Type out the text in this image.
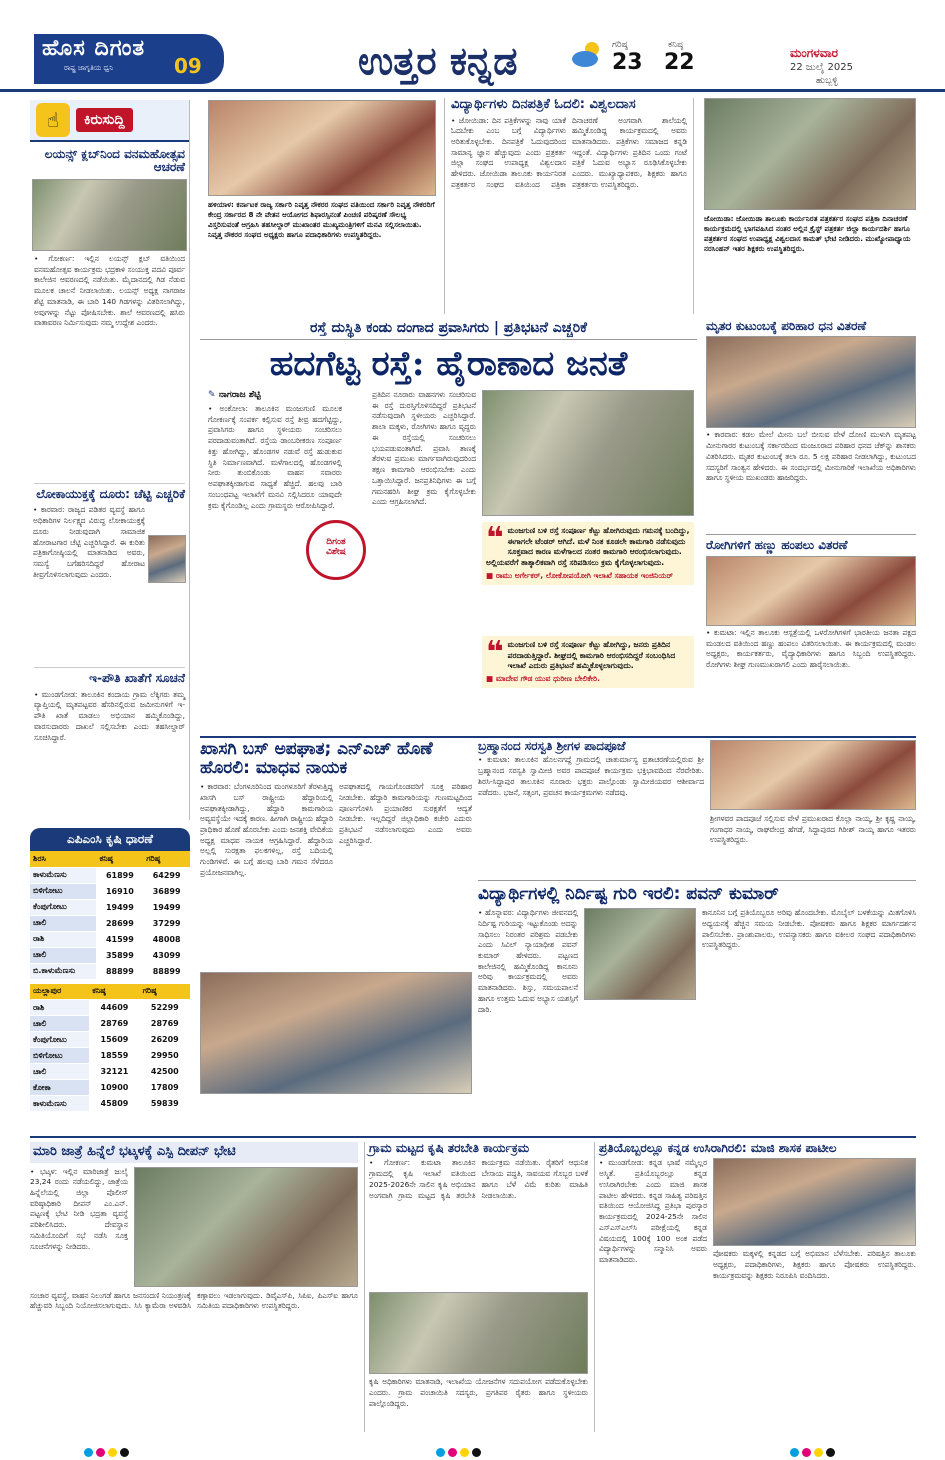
ಹೊಸ ದಿಗಂತ
09
ರಾಷ್ಟ್ರ ಜಾಗೃತಿಯ ಧ್ವನಿ	ಉತ್ತರ ಕನ್ನಡ	ಗರಿಷ್ಠ
23
ಕನಿಷ್ಠ
22	ಮಂಗಳವಾರ
22 ಜುಲೈ 2025
ಹುಬ್ಬಳ್ಳಿ
☝	ಕಿರುಸುದ್ದಿ
ಲಯನ್ಸ್ ಕ್ಲಬ್‌ನಿಂದ ವನಮಹೋತ್ಸವ ಆಚರಣೆ
• ಗೋಕರ್ಣ: ಇಲ್ಲಿನ ಲಯನ್ಸ್ ಕ್ಲಬ್ ವತಿಯಿಂದ ವನಮಹೋತ್ಸವ ಕಾರ್ಯಕ್ರಮ ಭದ್ರಕಾಳಿ ಸಂಯುಕ್ತ ಪದವಿ ಪೂರ್ವ ಕಾಲೇಜಿನ ಆವರಣದಲ್ಲಿ ನಡೆಯಿತು. ಮೈದಾನದಲ್ಲಿ ಗಿಡ ನೆಡುವ ಮೂಲಕ ಚಾಲನೆ ನೀಡಲಾಯಿತು. ಲಯನ್ಸ್ ಅಧ್ಯಕ್ಷ ನಾಗರಾಜ ಶೆಟ್ಟಿ ಮಾತನಾಡಿ, ಈ ಬಾರಿ 140 ಗಿಡಗಳನ್ನು ವಿತರಿಸಲಾಗಿದ್ದು, ಅವುಗಳನ್ನು ನೆಟ್ಟು ಪೋಷಿಸಬೇಕು. ಶಾಲೆ ಆವರಣದಲ್ಲಿ ಹಸಿರು ವಾತಾವರಣ ನಿರ್ಮಿಸುವುದು ನಮ್ಮ ಉದ್ದೇಶ ಎಂದರು.
ಲೋಕಾಯುಕ್ತಕ್ಕೆ ದೂರು: ಚೆಟ್ಟಿ ಎಚ್ಚರಿಕೆ
• ಕಾರವಾರ: ರಾಜ್ಯದ ಪಡಿತರ ವ್ಯವಸ್ಥೆ ಹಾಗೂ ಅಧಿಕಾರಿಗಳ ನಿರ್ಲಕ್ಷ್ಯದ ವಿರುದ್ಧ ಲೋಕಾಯುಕ್ತಕ್ಕೆ ದೂರು ನೀಡುವುದಾಗಿ ಸಾಮಾಜಿಕ ಹೋರಾಟಗಾರ ಚೆಟ್ಟಿ ಎಚ್ಚರಿಸಿದ್ದಾರೆ. ಈ ಕುರಿತು ಪತ್ರಿಕಾಗೋಷ್ಠಿಯಲ್ಲಿ ಮಾತನಾಡಿದ ಅವರು, ಸಮಸ್ಯೆ ಬಗೆಹರಿಸದಿದ್ದರೆ ಹೋರಾಟ ತೀವ್ರಗೊಳಿಸಲಾಗುವುದು ಎಂದರು.
ಇ-ಪೌತಿ ಖಾತೆಗೆ ಸೂಚನೆ
• ಮುಂಡಗೋಡ: ತಾಲೂಕಿನ ಕಂದಾಯ ಗ್ರಾಮ ಲೆಕ್ಕಿಗರು ತಮ್ಮ ವ್ಯಾಪ್ತಿಯಲ್ಲಿ ಮೃತಪಟ್ಟವರ ಹೆಸರಿನಲ್ಲಿರುವ ಜಮೀನುಗಳಿಗೆ ಇ-ಪೌತಿ ಖಾತೆ ಮಾಡಲು ಅಭಿಯಾನ ಹಮ್ಮಿಕೊಂಡಿದ್ದು, ವಾರಸುದಾರರು ದಾಖಲೆ ಸಲ್ಲಿಸಬೇಕು ಎಂದು ತಹಸೀಲ್ದಾರ್ ಸೂಚಿಸಿದ್ದಾರೆ.
ಎಪಿಎಂಸಿ ಕೃಷಿ ಧಾರಣೆ
ಶಿರಸಿ	ಕನಿಷ್ಠ	ಗರಿಷ್ಠ
ಕಾಳುಮೆಣಸು	61899	64299
ಬಿಳಿಗೋಟು	16910	36899
ಕೆಂಪುಗೋಟು	19499	19499
ಚಾಲಿ	28699	37299
ರಾಶಿ	41599	48008
ಚಾಲಿ	35899	43099
ಬಿ.ಕಾಳುಮೆಣಸು	88899	88899
ಯಲ್ಲಾಪುರ	ಕನಿಷ್ಠ	ಗರಿಷ್ಠ
ರಾಶಿ	44609	52299
ಚಾಲಿ	28769	28769
ಕೆಂಪುಗೋಟು	15609	26209
ಬಿಳಿಗೋಟು	18559	29950
ಚಾಲಿ	32121	42500
ಕೋಕಾ	10900	17809
ಕಾಳುಮೆಣಸು	45809	59839
ಹಳಿಯಾಳ: ಕರ್ನಾಟಕ ರಾಜ್ಯ ಸರ್ಕಾರಿ ನಿವೃತ್ತ ನೌಕರರ ಸಂಘದ ವತಿಯಿಂದ ಸರ್ಕಾರಿ ನಿವೃತ್ತ ನೌಕರರಿಗೆ ಕೇಂದ್ರ ಸರ್ಕಾರದ 8 ನೇ ವೇತನ ಆಯೋಗದ ಶಿಫಾರಸ್ಸಿನಂತೆ ಪಿಂಚಣಿ ಪರಿಷ್ಕರಣೆ ಸೌಲಭ್ಯ ವಿಸ್ತರಿಸುವಂತೆ ಆಗ್ರಹಿಸಿ ತಹಸೀಲ್ದಾರ್ ಮುಖಾಂತರ ಮುಖ್ಯಮಂತ್ರಿಗಳಿಗೆ ಮನವಿ ಸಲ್ಲಿಸಲಾಯಿತು. ನಿವೃತ್ತ ನೌಕರರ ಸಂಘದ ಅಧ್ಯಕ್ಷರು ಹಾಗೂ ಪದಾಧಿಕಾರಿಗಳು ಉಪಸ್ಥಿತರಿದ್ದರು.
ವಿದ್ಯಾರ್ಥಿಗಳು ದಿನಪತ್ರಿಕೆ ಓದಲಿ: ವಿಶ್ವಲದಾಸ
• ಜೋಯಿಡಾ: ದಿನ ಪತ್ರಿಕೆಗಳನ್ನು ನಾವು ಯಾಕೆ ಓದಬೇಕು ಎಂಬ ಬಗ್ಗೆ ವಿದ್ಯಾರ್ಥಿಗಳು ಅರಿತುಕೊಳ್ಳಬೇಕು. ದಿನಪತ್ರಿಕೆ ಓದುವುದರಿಂದ ಸಾಮಾನ್ಯ ಜ್ಞಾನ ಹೆಚ್ಚುವುದು ಎಂದು ಪ್ರತ್ರಕರ್ತ ಜಿಲ್ಲಾ ಸಂಘದ ಉಪಾಧ್ಯಕ್ಷ ವಿಶ್ವಲದಾಸ ಹೇಳಿದರು. ಜೋಯಿಡಾ ತಾಲೂಕು ಕಾರ್ಯನಿರತ ಪತ್ರಕರ್ತರ ಸಂಘದ ವತಿಯಿಂದ ಪತ್ರಿಕಾ ದಿನಾಚರಣೆ ಅಂಗವಾಗಿ ಶಾಲೆಯಲ್ಲಿ ಹಮ್ಮಿಕೊಂಡಿದ್ದ ಕಾರ್ಯಕ್ರಮದಲ್ಲಿ ಅವರು ಮಾತನಾಡಿದರು. ಪತ್ರಿಕೆಗಳು ಸಮಾಜದ ಕನ್ನಡಿ ಇದ್ದಂತೆ. ವಿದ್ಯಾರ್ಥಿಗಳು ಪ್ರತಿದಿನ ಒಂದು ಗಂಟೆ ಪತ್ರಿಕೆ ಓದುವ ಅಭ್ಯಾಸ ರೂಢಿಸಿಕೊಳ್ಳಬೇಕು ಎಂದರು. ಮುಖ್ಯಾಧ್ಯಾಪಕರು, ಶಿಕ್ಷಕರು ಹಾಗೂ ಪತ್ರಕರ್ತರು ಉಪಸ್ಥಿತರಿದ್ದರು.
ಜೋಯಿಡಾ: ಜೋಯಿಡಾ ತಾಲೂಕು ಕಾರ್ಯನಿರತ ಪತ್ರಕರ್ತರ ಸಂಘದ ಪತ್ರಿಕಾ ದಿನಾಚರಣೆ ಕಾರ್ಯಕ್ರಮದಲ್ಲಿ ಭಾಗವಹಿಸಿದ ನಂತರ ಅಲ್ಲಿನ ಕ್ರೈಸ್ಟ್ ಪತ್ರಕರ್ತ ಜಿಲ್ಲಾ ಕಾರ್ಯದರ್ಶಿ ಹಾಗೂ ಪತ್ರಕರ್ತರ ಸಂಘದ ಉಪಾಧ್ಯಕ್ಷ ವಿಶ್ವಲದಾಸ ಕಾಮತ್ ಭೇಟಿ ನೀಡಿದರು. ಮುಖ್ಯೋಪಾಧ್ಯಾಯ ನರಸಿಂಹನ್ ಇತರ ಶಿಕ್ಷಕರು ಉಪಸ್ಥಿತರಿದ್ದರು.
ರಸ್ತೆ ದುಸ್ಥಿತಿ ಕಂಡು ದಂಗಾದ ಪ್ರವಾಸಿಗರು | ಪ್ರತಿಭಟನೆ ಎಚ್ಚರಿಕೆ
ಹದಗೆಟ್ಟ ರಸ್ತೆ: ಹೈರಾಣಾದ ಜನತೆ
✎ ನಾಗರಾಜ ಶೆಟ್ಟಿ
• ಅಂಕೋಲಾ: ತಾಲೂಕಿನ ಮಂಜುಗುಣಿ ಮೂಲಕ ಗೋಕರ್ಣಕ್ಕೆ ಸಂಪರ್ಕ ಕಲ್ಪಿಸುವ ರಸ್ತೆ ತೀವ್ರ ಹದಗೆಟ್ಟಿದ್ದು, ಪ್ರವಾಸಿಗರು ಹಾಗೂ ಸ್ಥಳೀಯರು ಸಂಚರಿಸಲು ಪರದಾಡುವಂತಾಗಿದೆ. ರಸ್ತೆಯ ಡಾಂಬರೀಕರಣ ಸಂಪೂರ್ಣ ಕಿತ್ತು ಹೋಗಿದ್ದು, ಹೊಂಡಗಳ ನಡುವೆ ರಸ್ತೆ ಹುಡುಕುವ ಸ್ಥಿತಿ ನಿರ್ಮಾಣವಾಗಿದೆ. ಮಳೆಗಾಲದಲ್ಲಿ ಹೊಂಡಗಳಲ್ಲಿ ನೀರು ತುಂಬಿಕೊಂಡು ವಾಹನ ಸವಾರರು ಅಪಘಾತಕ್ಕೀಡಾಗುವ ಸಾಧ್ಯತೆ ಹೆಚ್ಚಿದೆ. ಹಲವು ಬಾರಿ ಸಂಬಂಧಪಟ್ಟ ಇಲಾಖೆಗೆ ಮನವಿ ಸಲ್ಲಿಸಿದರೂ ಯಾವುದೇ ಕ್ರಮ ಕೈಗೊಂಡಿಲ್ಲ ಎಂದು ಗ್ರಾಮಸ್ಥರು ಆರೋಪಿಸಿದ್ದಾರೆ.
ದಿಗಂತ
ವಿಶೇಷ
ಪ್ರತಿದಿನ ನೂರಾರು ವಾಹನಗಳು ಸಂಚರಿಸುವ ಈ ರಸ್ತೆ ದುರಸ್ತಿಗೊಳಿಸದಿದ್ದರೆ ಪ್ರತಿಭಟನೆ ನಡೆಸುವುದಾಗಿ ಸ್ಥಳೀಯರು ಎಚ್ಚರಿಸಿದ್ದಾರೆ. ಶಾಲಾ ಮಕ್ಕಳು, ರೋಗಿಗಳು ಹಾಗೂ ವೃದ್ಧರು ಈ ರಸ್ತೆಯಲ್ಲಿ ಸಂಚರಿಸಲು ಭಯಪಡುವಂತಾಗಿದೆ. ಪ್ರವಾಸಿ ತಾಣಕ್ಕೆ ತೆರಳುವ ಪ್ರಮುಖ ಮಾರ್ಗವಾಗಿರುವುದರಿಂದ ತಕ್ಷಣ ಕಾಮಗಾರಿ ಆರಂಭಿಸಬೇಕು ಎಂದು ಒತ್ತಾಯಿಸಿದ್ದಾರೆ. ಜನಪ್ರತಿನಿಧಿಗಳು ಈ ಬಗ್ಗೆ ಗಮನಹರಿಸಿ ಶೀಘ್ರ ಕ್ರಮ ಕೈಗೊಳ್ಳಬೇಕು ಎಂದು ಆಗ್ರಹಿಸಲಾಗಿದೆ.
❝ ಮಂಜಗುಣಿ ಬಳಿ ರಸ್ತೆ ಸಂಪೂರ್ಣ ಕೆಟ್ಟು ಹೋಗಿರುವುದು ಗಮನಕ್ಕೆ ಬಂದಿದ್ದು, ಈಗಾಗಲೇ ಟೆಂಡರ್ ಆಗಿದೆ. ಮಳೆ ನಿಂತ ಕೂಡಲೇ ಕಾಮಗಾರಿ ನಡೆಸುವುದು ಸೂಕ್ತವಾದ ಕಾರಣ ಮಳೆಗಾಲದ ನಂತರ ಕಾಮಗಾರಿ ಆರಂಭಿಸಲಾಗುವುದು. ಅಲ್ಲಿಯವರೆಗೆ ತಾತ್ಕಾಲಿಕವಾಗಿ ರಸ್ತೆ ಸರಿಪಡಿಸಲು ಕ್ರಮ ಕೈಗೊಳ್ಳಲಾಗುವುದು.
■ ರಾಮು ಅರ್ಗೇಕರ್, ಲೋಕೋಪಯೋಗಿ ಇಲಾಖೆ ಸಹಾಯಕ ಇಂಜಿನಿಯರ್
❝ ಮಂಜಗುಣಿ ಬಳಿ ರಸ್ತೆ ಸಂಪೂರ್ಣ ಕೆಟ್ಟು ಹೋಗಿದ್ದು, ಜನರು ಪ್ರತಿದಿನ ಪರದಾಡುತ್ತಿದ್ದಾರೆ. ಶೀಘ್ರದಲ್ಲಿ ಕಾಮಗಾರಿ ಆರಂಭಿಸದಿದ್ದರೆ ಸಂಬಂಧಿಸಿದ ಇಲಾಖೆ ಎದುರು ಪ್ರತಿಭಟನೆ ಹಮ್ಮಿಕೊಳ್ಳಲಾಗುವುದು.
■ ಮಾದೇವ ಗೌಡ ಯುವ ಧುರೀಣ ಬೇಲಿಕೇರಿ.
ಮೃತರ ಕುಟುಂಬಕ್ಕೆ ಪರಿಹಾರ ಧನ ವಿತರಣೆ
• ಕಾರವಾರ: ಕಡಲ ಮೇಲೆ ಮೀನು ಬಲೆ ಬೀಸುವ ವೇಳೆ ದೋಣಿ ಮುಳುಗಿ ಮೃತಪಟ್ಟ ಮೀನುಗಾರರ ಕುಟುಂಬಕ್ಕೆ ಸರ್ಕಾರದಿಂದ ಮಂಜೂರಾದ ಪರಿಹಾರ ಧನದ ಚೆಕ್‌ನ್ನು ಶಾಸಕರು ವಿತರಿಸಿದರು. ಮೃತರ ಕುಟುಂಬಕ್ಕೆ ತಲಾ ರೂ. 5 ಲಕ್ಷ ಪರಿಹಾರ ನೀಡಲಾಗಿದ್ದು, ಕುಟುಂಬದ ಸದಸ್ಯರಿಗೆ ಸಾಂತ್ವನ ಹೇಳಿದರು. ಈ ಸಂದರ್ಭದಲ್ಲಿ ಮೀನುಗಾರಿಕೆ ಇಲಾಖೆಯ ಅಧಿಕಾರಿಗಳು ಹಾಗೂ ಸ್ಥಳೀಯ ಮುಖಂಡರು ಹಾಜರಿದ್ದರು.
ರೋಗಿಗಳಿಗೆ ಹಣ್ಣು ಹಂಪಲು ವಿತರಣೆ
• ಕುಮಟಾ: ಇಲ್ಲಿನ ತಾಲೂಕು ಆಸ್ಪತ್ರೆಯಲ್ಲಿ ಒಳರೋಗಿಗಳಿಗೆ ಭಾರತೀಯ ಜನತಾ ಪಕ್ಷದ ಮಂಡಲದ ವತಿಯಿಂದ ಹಣ್ಣು ಹಂಪಲು ವಿತರಿಸಲಾಯಿತು. ಈ ಕಾರ್ಯಕ್ರಮದಲ್ಲಿ ಮಂಡಲ ಅಧ್ಯಕ್ಷರು, ಕಾರ್ಯಕರ್ತರು, ವೈದ್ಯಾಧಿಕಾರಿಗಳು ಹಾಗೂ ಸಿಬ್ಬಂದಿ ಉಪಸ್ಥಿತರಿದ್ದರು. ರೋಗಿಗಳು ಶೀಘ್ರ ಗುಣಮುಖರಾಗಲಿ ಎಂದು ಹಾರೈಸಲಾಯಿತು.
ಖಾಸಗಿ ಬಸ್ ಅಪಘಾತ; ಎನ್‌ಎಚ್ ಹೊಣೆ ಹೊರಲಿ: ಮಾಧವ ನಾಯಕ
• ಕಾರವಾರ: ಬೆಂಗಳೂರಿನಿಂದ ಮಂಗಳೂರಿಗೆ ತೆರಳುತ್ತಿದ್ದ ಖಾಸಗಿ ಬಸ್ ರಾಷ್ಟ್ರೀಯ ಹೆದ್ದಾರಿಯಲ್ಲಿ ಅಪಘಾತಕ್ಕೀಡಾಗಿದ್ದು, ಹೆದ್ದಾರಿ ಕಾಮಗಾರಿಯ ಅವ್ಯವಸ್ಥೆಯೇ ಇದಕ್ಕೆ ಕಾರಣ. ಹೀಗಾಗಿ ರಾಷ್ಟ್ರೀಯ ಹೆದ್ದಾರಿ ಪ್ರಾಧಿಕಾರ ಹೊಣೆ ಹೊರಬೇಕು ಎಂದು ಜನಶಕ್ತಿ ವೇದಿಕೆಯ ಅಧ್ಯಕ್ಷ ಮಾಧವ ನಾಯಕ ಆಗ್ರಹಿಸಿದ್ದಾರೆ. ಹೆದ್ದಾರಿಯ ಅಲ್ಲಲ್ಲಿ ಸುರಕ್ಷತಾ ಫಲಕಗಳಿಲ್ಲ, ರಸ್ತೆ ಬದಿಯಲ್ಲಿ ಗುಂಡಿಗಳಿವೆ. ಈ ಬಗ್ಗೆ ಹಲವು ಬಾರಿ ಗಮನ ಸೆಳೆದರೂ ಪ್ರಯೋಜನವಾಗಿಲ್ಲ.
ಅಪಘಾತದಲ್ಲಿ ಗಾಯಗೊಂಡವರಿಗೆ ಸೂಕ್ತ ಪರಿಹಾರ ನೀಡಬೇಕು. ಹೆದ್ದಾರಿ ಕಾಮಗಾರಿಯನ್ನು ಗುಣಮಟ್ಟದಿಂದ ಪೂರ್ಣಗೊಳಿಸಿ ಪ್ರಯಾಣಿಕರ ಸುರಕ್ಷತೆಗೆ ಆದ್ಯತೆ ನೀಡಬೇಕು. ಇಲ್ಲದಿದ್ದರೆ ಜಿಲ್ಲಾಧಿಕಾರಿ ಕಚೇರಿ ಎದುರು ಪ್ರತಿಭಟನೆ ನಡೆಸಲಾಗುವುದು ಎಂದು ಅವರು ಎಚ್ಚರಿಸಿದ್ದಾರೆ.
ಬ್ರಹ್ಮಾನಂದ ಸರಸ್ವತಿ ಶ್ರೀಗಳ ಪಾದಪೂಜೆ
• ಕುಮಟಾ: ತಾಲೂಕಿನ ಹೊಲನಗದ್ದೆ ಗ್ರಾಮದಲ್ಲಿ ಚಾತುರ್ಮಾಸ್ಯ ವ್ರತಾಚರಣೆಯಲ್ಲಿರುವ ಶ್ರೀ ಬ್ರಹ್ಮಾನಂದ ಸರಸ್ವತಿ ಸ್ವಾಮೀಜಿ ಅವರ ಪಾದಪೂಜೆ ಕಾರ್ಯಕ್ರಮ ಭಕ್ತಿಭಾವದಿಂದ ನೆರವೇರಿತು. ಶಿರಸಿ-ಸಿದ್ದಾಪುರ ತಾಲೂಕಿನ ನೂರಾರು ಭಕ್ತರು ಪಾಲ್ಗೊಂಡು ಸ್ವಾಮೀಜಿಯವರ ಆಶೀರ್ವಾದ ಪಡೆದರು. ಭಜನೆ, ಸತ್ಸಂಗ, ಪ್ರವಚನ ಕಾರ್ಯಕ್ರಮಗಳು ನಡೆದವು.
ಶ್ರೀಗಳವರ ಪಾದಪೂಜೆ ಸಲ್ಲಿಸುವ ವೇಳೆ ಪ್ರಮುಖರಾದ ಕೊಲ್ಲಾ ನಾಯ್ಕ, ಶ್ರೀ ಕೃಷ್ಣ ನಾಯ್ಕ, ಗಂಗಾಧರ ನಾಯ್ಕ, ರಾಘವೇಂದ್ರ ಹೆಗಡೆ, ಸಿದ್ದಾಪುರದ ಗಿರೀಶ್ ನಾಯ್ಕ ಹಾಗೂ ಇತರರು ಉಪಸ್ಥಿತರಿದ್ದರು.
ವಿದ್ಯಾರ್ಥಿಗಳಲ್ಲಿ ನಿರ್ದಿಷ್ಟ ಗುರಿ ಇರಲಿ: ಪವನ್ ಕುಮಾರ್
• ಹೊನ್ನಾವರ: ವಿದ್ಯಾರ್ಥಿಗಳು ಜೀವನದಲ್ಲಿ ನಿರ್ದಿಷ್ಟ ಗುರಿಯನ್ನು ಇಟ್ಟುಕೊಂಡು ಅದನ್ನು ಸಾಧಿಸಲು ನಿರಂತರ ಪರಿಶ್ರಮ ಪಡಬೇಕು ಎಂದು ಸಿವಿಲ್ ನ್ಯಾಯಾಧೀಶ ಪವನ್ ಕುಮಾರ್ ಹೇಳಿದರು. ಪಟ್ಟಣದ ಕಾಲೇಜಿನಲ್ಲಿ ಹಮ್ಮಿಕೊಂಡಿದ್ದ ಕಾನೂನು ಅರಿವು ಕಾರ್ಯಕ್ರಮದಲ್ಲಿ ಅವರು ಮಾತನಾಡಿದರು. ಶಿಸ್ತು, ಸಮಯಪಾಲನೆ ಹಾಗೂ ಉತ್ತಮ ಓದುವ ಅಭ್ಯಾಸ ಯಶಸ್ಸಿಗೆ ದಾರಿ.
ಕಾನೂನಿನ ಬಗ್ಗೆ ಪ್ರತಿಯೊಬ್ಬರೂ ಅರಿವು ಹೊಂದಬೇಕು. ಮೊಬೈಲ್ ಬಳಕೆಯನ್ನು ಮಿತಗೊಳಿಸಿ ಅಧ್ಯಯನಕ್ಕೆ ಹೆಚ್ಚಿನ ಸಮಯ ನೀಡಬೇಕು. ಪೋಷಕರು ಹಾಗೂ ಶಿಕ್ಷಕರ ಮಾರ್ಗದರ್ಶನ ಪಾಲಿಸಬೇಕು. ಪ್ರಾಂಶುಪಾಲರು, ಉಪನ್ಯಾಸಕರು ಹಾಗೂ ವಕೀಲರ ಸಂಘದ ಪದಾಧಿಕಾರಿಗಳು ಉಪಸ್ಥಿತರಿದ್ದರು.
ಮಾರಿ ಜಾತ್ರೆ ಹಿನ್ನೆಲೆ ಭಟ್ಕಳಕ್ಕೆ ಎಸ್ಪಿ ದೀಪನ್ ಭೇಟಿ
• ಭಟ್ಕಳ: ಇಲ್ಲಿನ ಮಾರಿಜಾತ್ರೆ ಜುಲೈ 23,24 ರಂದು ನಡೆಯಲಿದ್ದು, ಜಾತ್ರೆಯ ಹಿನ್ನೆಲೆಯಲ್ಲಿ ಜಿಲ್ಲಾ ಪೊಲೀಸ್ ವರಿಷ್ಠಾಧಿಕಾರಿ ದೀಪನ್ ಎಂ.ಎನ್. ಪಟ್ಟಣಕ್ಕೆ ಭೇಟಿ ನೀಡಿ ಭದ್ರತಾ ವ್ಯವಸ್ಥೆ ಪರಿಶೀಲಿಸಿದರು. ದೇವಸ್ಥಾನ ಸಮಿತಿಯೊಂದಿಗೆ ಸಭೆ ನಡೆಸಿ ಸೂಕ್ತ ಸೂಚನೆಗಳನ್ನು ನೀಡಿದರು.
ಸಂಚಾರ ವ್ಯವಸ್ಥೆ, ವಾಹನ ನಿಲುಗಡೆ ಹಾಗೂ ಜನಸಂದಣಿ ನಿಯಂತ್ರಣಕ್ಕೆ ಹೆಚ್ಚುವರಿ ಸಿಬ್ಬಂದಿ ನಿಯೋಜಿಸಲಾಗುವುದು. ಸಿಸಿ ಕ್ಯಾಮೆರಾ ಅಳವಡಿಸಿ ಕಣ್ಗಾವಲು ಇಡಲಾಗುವುದು. ಡಿವೈಎಸ್‌ಪಿ, ಸಿಪಿಐ, ಪಿಎಸ್‌ಐ ಹಾಗೂ ಸಮಿತಿಯ ಪದಾಧಿಕಾರಿಗಳು ಉಪಸ್ಥಿತರಿದ್ದರು.
ಗ್ರಾಮ ಮಟ್ಟದ ಕೃಷಿ ತರಬೇತಿ ಕಾರ್ಯಕ್ರಮ
• ಗೋಕರ್ಣ: ಕುಮಟಾ ತಾಲೂಕಿನ ಗ್ರಾಮದಲ್ಲಿ ಕೃಷಿ ಇಲಾಖೆ ವತಿಯಿಂದ 2025-2026ನೇ ಸಾಲಿನ ಕೃಷಿ ಅಭಿಯಾನ ಅಂಗವಾಗಿ ಗ್ರಾಮ ಮಟ್ಟದ ಕೃಷಿ ತರಬೇತಿ ಕಾರ್ಯಕ್ರಮ ನಡೆಯಿತು. ರೈತರಿಗೆ ಆಧುನಿಕ ಬೇಸಾಯ ಪದ್ಧತಿ, ಸಾವಯವ ಗೊಬ್ಬರ ಬಳಕೆ ಹಾಗೂ ಬೆಳೆ ವಿಮೆ ಕುರಿತು ಮಾಹಿತಿ ನೀಡಲಾಯಿತು.
ಕೃಷಿ ಅಧಿಕಾರಿಗಳು ಮಾತನಾಡಿ, ಇಲಾಖೆಯ ಯೋಜನೆಗಳ ಸದುಪಯೋಗ ಪಡೆದುಕೊಳ್ಳಬೇಕು ಎಂದರು. ಗ್ರಾಮ ಪಂಚಾಯಿತಿ ಸದಸ್ಯರು, ಪ್ರಗತಿಪರ ರೈತರು ಹಾಗೂ ಸ್ಥಳೀಯರು ಪಾಲ್ಗೊಂಡಿದ್ದರು.
ಪ್ರತಿಯೊಬ್ಬರಲ್ಲೂ ಕನ್ನಡ ಉಸಿರಾಗಿರಲಿ: ಮಾಜಿ ಶಾಸಕ ಪಾಟೀಲ
• ಮುಂಡಗೋಡ: ಕನ್ನಡ ಭಾಷೆ ನಮ್ಮೆಲ್ಲರ ಅಸ್ಮಿತೆ. ಪ್ರತಿಯೊಬ್ಬರಲ್ಲೂ ಕನ್ನಡ ಉಸಿರಾಗಿರಬೇಕು ಎಂದು ಮಾಜಿ ಶಾಸಕ ಪಾಟೀಲ ಹೇಳಿದರು. ಕನ್ನಡ ಸಾಹಿತ್ಯ ಪರಿಷತ್ತಿನ ವತಿಯಿಂದ ಆಯೋಜಿಸಿದ್ದ ಪ್ರತಿಭಾ ಪುರಸ್ಕಾರ ಕಾರ್ಯಕ್ರಮದಲ್ಲಿ 2024-25ನೇ ಸಾಲಿನ ಎಸ್‌ಎಸ್‌ಎಲ್‌ಸಿ ಪರೀಕ್ಷೆಯಲ್ಲಿ ಕನ್ನಡ ವಿಷಯದಲ್ಲಿ 100ಕ್ಕೆ 100 ಅಂಕ ಪಡೆದ ವಿದ್ಯಾರ್ಥಿಗಳನ್ನು ಸನ್ಮಾನಿಸಿ ಅವರು ಮಾತನಾಡಿದರು.
ಪೋಷಕರು ಮಕ್ಕಳಲ್ಲಿ ಕನ್ನಡದ ಬಗ್ಗೆ ಅಭಿಮಾನ ಬೆಳೆಸಬೇಕು. ಪರಿಷತ್ತಿನ ತಾಲೂಕು ಅಧ್ಯಕ್ಷರು, ಪದಾಧಿಕಾರಿಗಳು, ಶಿಕ್ಷಕರು ಹಾಗೂ ಪೋಷಕರು ಉಪಸ್ಥಿತರಿದ್ದರು. ಕಾರ್ಯಕ್ರಮವನ್ನು ಶಿಕ್ಷಕರು ನಿರೂಪಿಸಿ ವಂದಿಸಿದರು.
